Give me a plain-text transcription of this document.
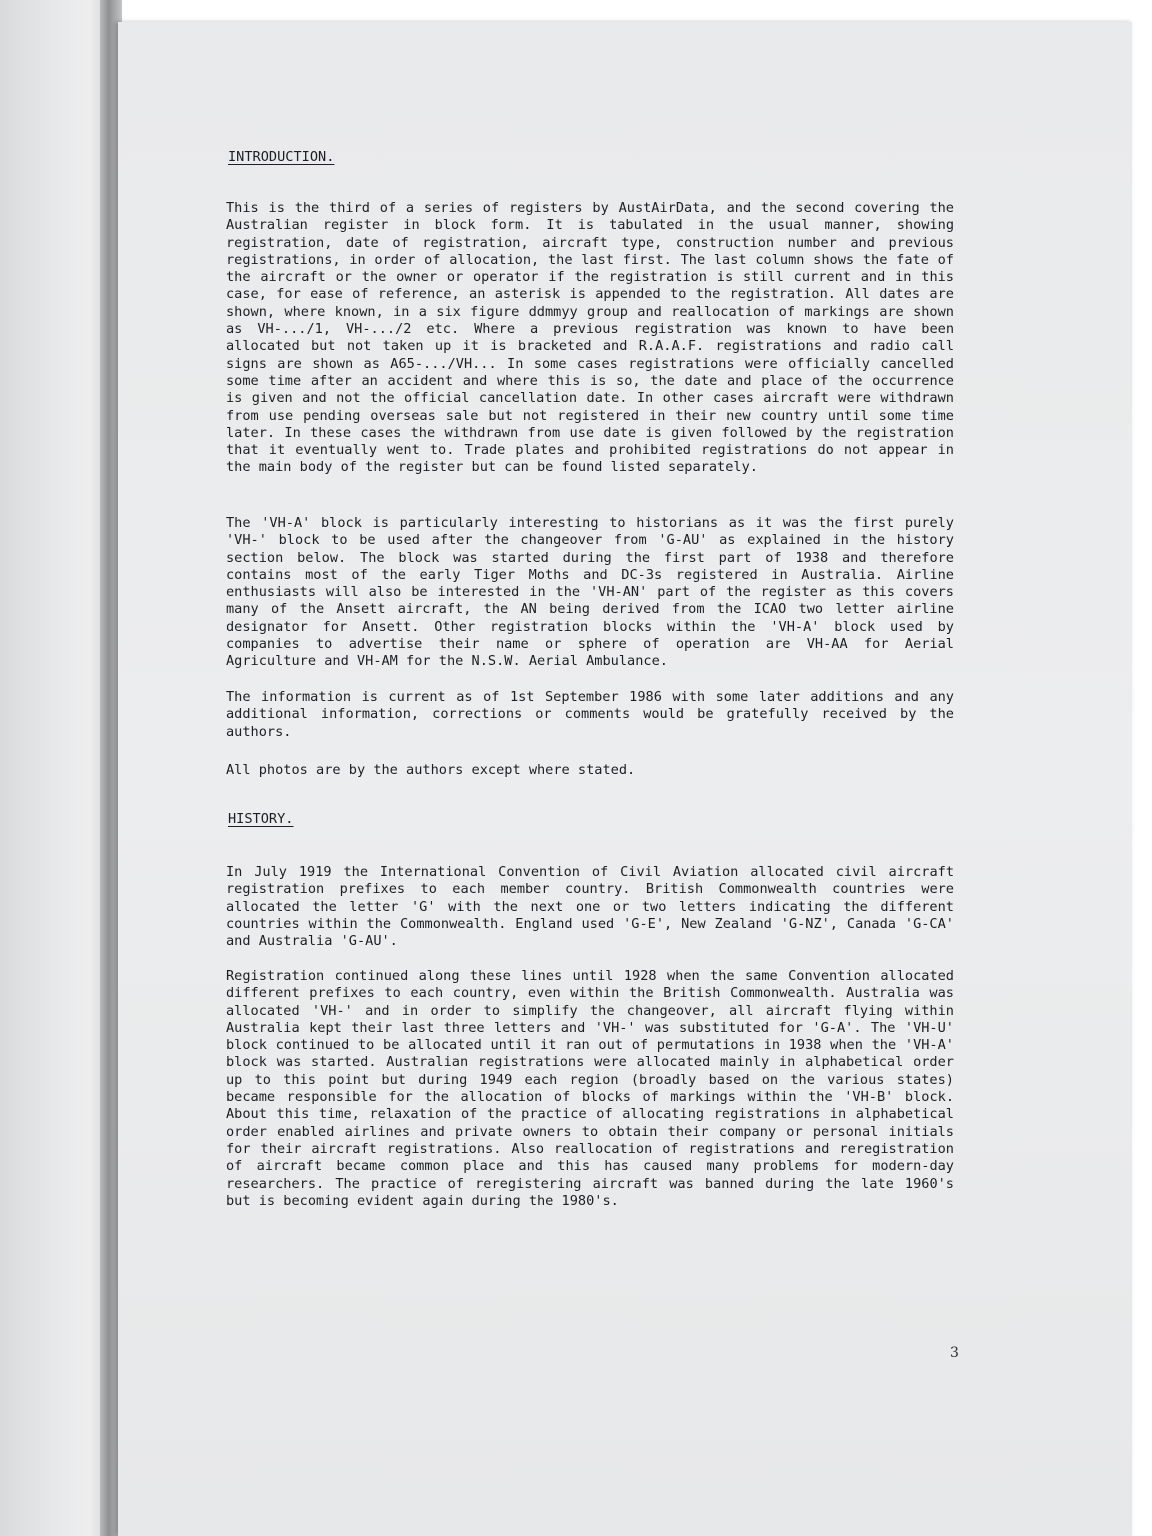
INTRODUCTION.
This is the third of a series of registers by AustAirData, and the second covering the Australian register in block form. It is tabulated in the usual manner, showing registration, date of registration, aircraft type, construction number and previous registrations, in order of allocation, the last first. The last column shows the fate of the aircraft or the owner or operator if the registration is still current and in this case, for ease of reference, an asterisk is appended to the registration. All dates are shown, where known, in a six figure ddmmyy group and reallocation of markings are shown as VH-.../1, VH-.../2 etc. Where a previous registration was known to have been allocated but not taken up it is bracketed and R.A.A.F. registrations and radio call signs are shown as A65-.../VH... In some cases registrations were officially cancelled some time after an accident and where this is so, the date and place of the occurrence is given and not the official cancellation date. In other cases aircraft were withdrawn from use pending overseas sale but not registered in their new country until some time later. In these cases the withdrawn from use date is given followed by the registration that it eventually went to. Trade plates and prohibited registrations do not appear in the main body of the register but can be found listed separately.
The 'VH-A' block is particularly interesting to historians as it was the first purely 'VH-' block to be used after the changeover from 'G-AU' as explained in the history section below. The block was started during the first part of 1938 and therefore contains most of the early Tiger Moths and DC-3s registered in Australia. Airline enthusiasts will also be interested in the 'VH-AN' part of the register as this covers many of the Ansett aircraft, the AN being derived from the ICAO two letter airline designator for Ansett. Other registration blocks within the 'VH-A' block used by companies to advertise their name or sphere of operation are VH-AA for Aerial Agriculture and VH-AM for the N.S.W. Aerial Ambulance.
The information is current as of 1st September 1986 with some later additions and any additional information, corrections or comments would be gratefully received by the authors.
All photos are by the authors except where stated.
HISTORY.
In July 1919 the International Convention of Civil Aviation allocated civil aircraft registration prefixes to each member country. British Commonwealth countries were allocated the letter 'G' with the next one or two letters indicating the different countries within the Commonwealth. England used 'G-E', New Zealand 'G-NZ', Canada 'G-CA' and Australia 'G-AU'.
Registration continued along these lines until 1928 when the same Convention allocated different prefixes to each country, even within the British Commonwealth. Australia was allocated 'VH-' and in order to simplify the changeover, all aircraft flying within Australia kept their last three letters and 'VH-' was substituted for 'G-A'. The 'VH-U' block continued to be allocated until it ran out of permutations in 1938 when the 'VH-A' block was started. Australian registrations were allocated mainly in alphabetical order up to this point but during 1949 each region (broadly based on the various states) became responsible for the allocation of blocks of markings within the 'VH-B' block. About this time, relaxation of the practice of allocating registrations in alphabetical order enabled airlines and private owners to obtain their company or personal initials for their aircraft registrations. Also reallocation of registrations and reregistration of aircraft became common place and this has caused many problems for modern-day researchers. The practice of reregistering aircraft was banned during the late 1960's but is becoming evident again during the 1980's.
3
